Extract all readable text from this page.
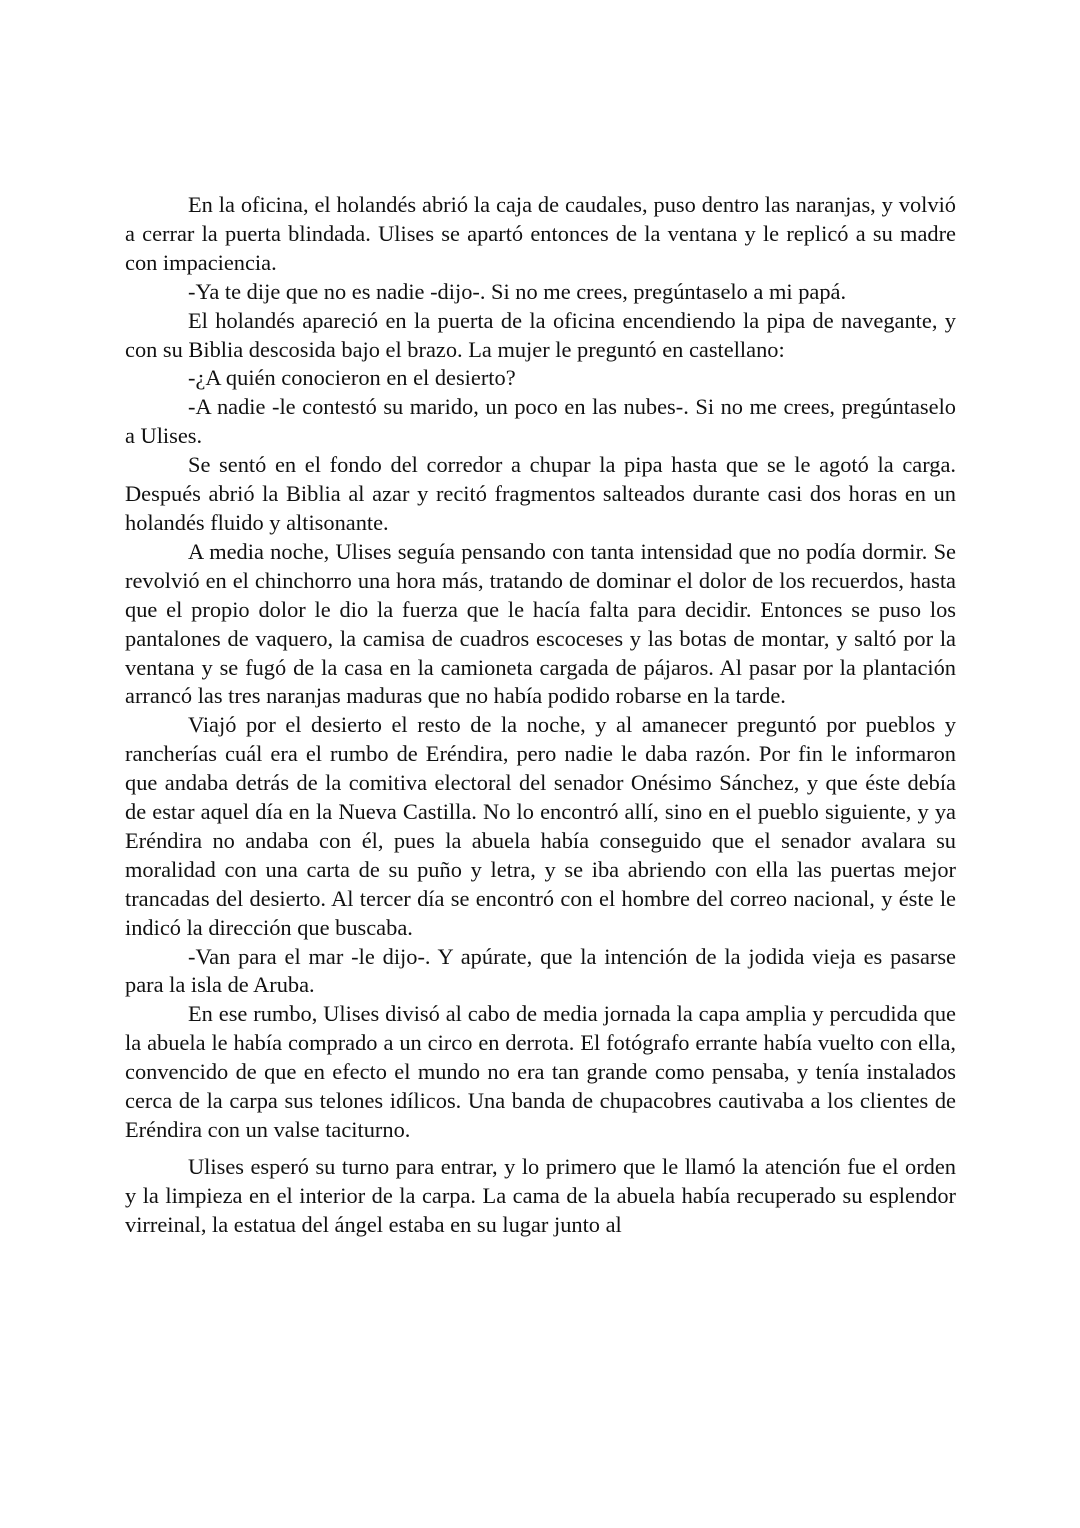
En la oficina, el holandés abrió la caja de caudales, puso dentro las naranjas, y volvió a cerrar la puerta blindada. Ulises se apartó entonces de la ventana y le replicó a su madre con impaciencia.

-Ya te dije que no es nadie -dijo-. Si no me crees, pregúntaselo a mi papá.

El holandés apareció en la puerta de la oficina encendiendo la pipa de navegante, y con su Biblia descosida bajo el brazo. La mujer le preguntó en castellano:

-¿A quién conocieron en el desierto?

-A nadie -le contestó su marido, un poco en las nubes-. Si no me crees, pregúntaselo a Ulises.

Se sentó en el fondo del corredor a chupar la pipa hasta que se le agotó la carga. Después abrió la Biblia al azar y recitó fragmentos salteados durante casi dos horas en un holandés fluido y altisonante.

A media noche, Ulises seguía pensando con tanta intensidad que no podía dormir. Se revolvió en el chinchorro una hora más, tratando de dominar el dolor de los recuerdos, hasta que el propio dolor le dio la fuerza que le hacía falta para decidir. Entonces se puso los pantalones de vaquero, la camisa de cuadros escoceses y las botas de montar, y saltó por la ventana y se fugó de la casa en la camioneta cargada de pájaros. Al pasar por la plantación arrancó las tres naranjas maduras que no había podido robarse en la tarde.

Viajó por el desierto el resto de la noche, y al amanecer preguntó por pueblos y rancherías cuál era el rumbo de Eréndira, pero nadie le daba razón. Por fin le informaron que andaba detrás de la comitiva electoral del senador Onésimo Sánchez, y que éste debía de estar aquel día en la Nueva Castilla. No lo encontró allí, sino en el pueblo siguiente, y ya Eréndira no andaba con él, pues la abuela había conseguido que el senador avalara su moralidad con una carta de su puño y letra, y se iba abriendo con ella las puertas mejor trancadas del desierto. Al tercer día se encontró con el hombre del correo nacional, y éste le indicó la dirección que buscaba.

-Van para el mar -le dijo-. Y apúrate, que la intención de la jodida vieja es pasarse para la isla de Aruba.

En ese rumbo, Ulises divisó al cabo de media jornada la capa amplia y percudida que la abuela le había comprado a un circo en derrota. El fotógrafo errante había vuelto con ella, convencido de que en efecto el mundo no era tan grande como pensaba, y tenía instalados cerca de la carpa sus telones idílicos. Una banda de chupacobres cautivaba a los clientes de Eréndira con un valse taciturno.

Ulises esperó su turno para entrar, y lo primero que le llamó la atención fue el orden y la limpieza en el interior de la carpa. La cama de la abuela había recuperado su esplendor virreinal, la estatua del ángel estaba en su lugar junto al
